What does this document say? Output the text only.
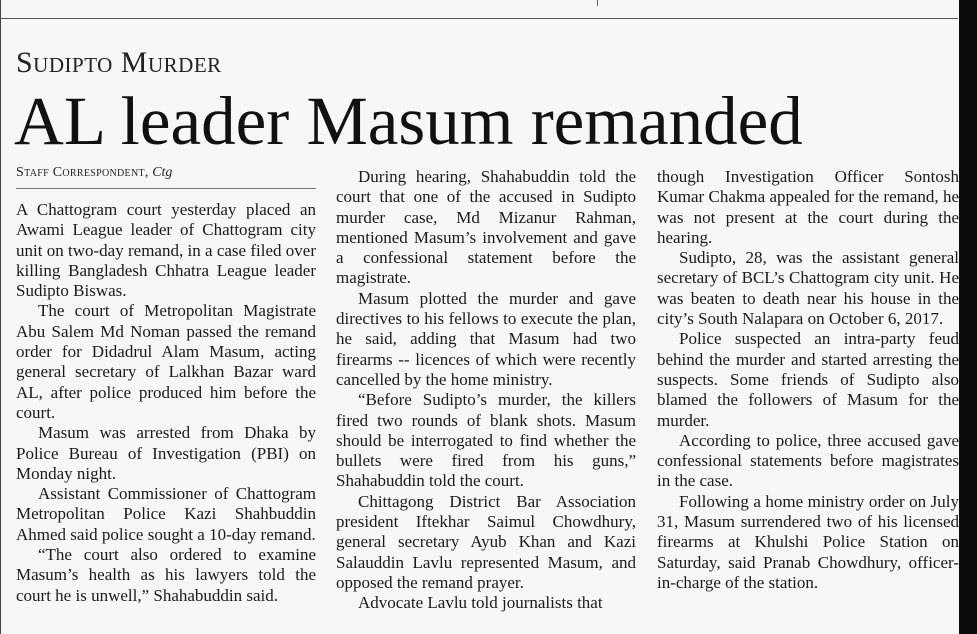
Sudipto Murder
AL leader Masum remanded
Staff Correspondent, Ctg

A Chattogram court yesterday placed an Awami League leader of Chattogram city unit on two-day remand, in a case filed over killing Bangladesh Chhatra League leader Sudipto Biswas.

The court of Metropolitan Magistrate Abu Salem Md Noman passed the remand order for Didadrul Alam Masum, acting general secretary of Lalkhan Bazar ward AL, after police produced him before the court.

Masum was arrested from Dhaka by Police Bureau of Investigation (PBI) on Monday night.

Assistant Commissioner of Chattogram Metropolitan Police Kazi Shahbuddin Ahmed said police sought a 10-day remand.

“The court also ordered to examine Masum’s health as his lawyers told the court he is unwell,” Shahabuddin said.

During hearing, Shahabuddin told the court that one of the accused in Sudipto murder case, Md Mizanur Rahman, mentioned Masum’s involvement and gave a confessional statement before the magistrate.

Masum plotted the murder and gave directives to his fellows to execute the plan, he said, adding that Masum had two firearms -- licences of which were recently cancelled by the home ministry.

“Before Sudipto’s murder, the killers fired two rounds of blank shots. Masum should be interrogated to find whether the bullets were fired from his guns,” Shahabuddin told the court.

Chittagong District Bar Association president Iftekhar Saimul Chowdhury, general secretary Ayub Khan and Kazi Salauddin Lavlu represented Masum, and opposed the remand prayer.

Advocate Lavlu told journalists that

though Investigation Officer Sontosh Kumar Chakma appealed for the remand, he was not present at the court during the hearing.

Sudipto, 28, was the assistant general secretary of BCL’s Chattogram city unit. He was beaten to death near his house in the city’s South Nalapara on October 6, 2017.

Police suspected an intra-party feud behind the murder and started arresting the suspects. Some friends of Sudipto also blamed the followers of Masum for the murder.

According to police, three accused gave confessional statements before magistrates in the case.

Following a home ministry order on July 31, Masum surrendered two of his licensed firearms at Khulshi Police Station on Saturday, said Pranab Chowdhury, officer-in-charge of the station.
